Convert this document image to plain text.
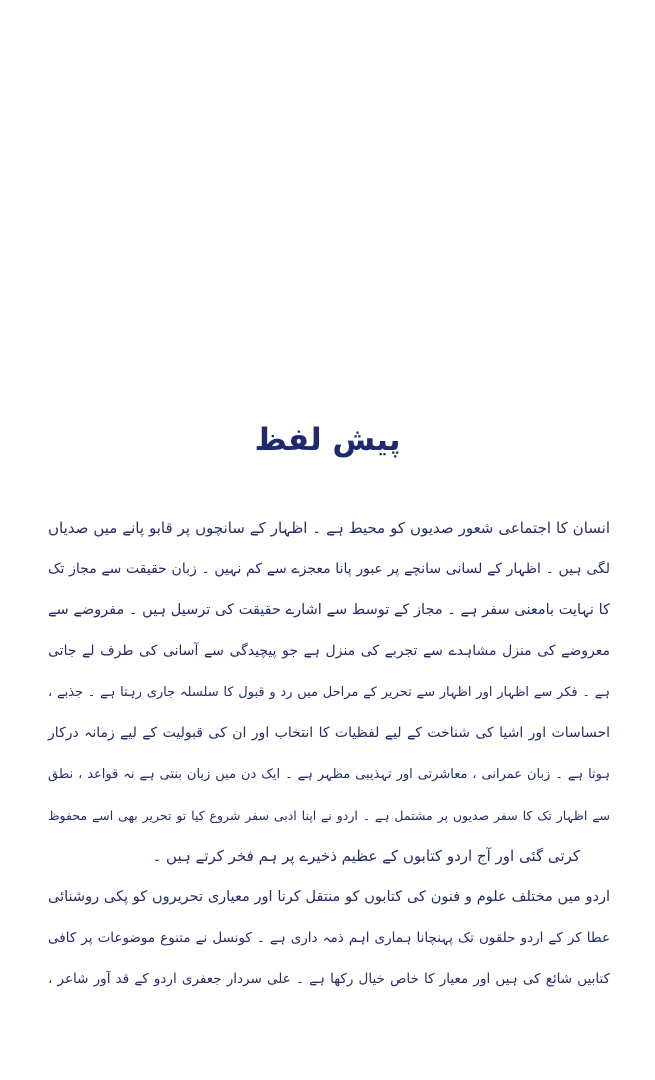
پیش لفظ
انسان کا اجتماعی شعور صدیوں کو محیط ہے ۔ اظہار کے سانچوں پر قابو پانے میں صدیاں
لگی ہیں ۔ اظہار کے لسانی سانچے پر عبور پانا معجزے سے کم نہیں ۔ زبان حقیقت سے مجاز تک
کا نہایت بامعنی سفر ہے ۔ مجاز کے توسط سے اشارے حقیقت کی ترسیل ہیں ۔ مفروضے سے
معروضے کی منزل مشاہدے سے تجربے کی منزل ہے جو پیچیدگی سے آسانی کی طرف لے جاتی
ہے ۔ فکر سے اظہار اور اظہار سے تحریر کے مراحل میں رد و قبول کا سلسلہ جاری رہتا ہے ۔ جذبے ،
احساسات اور اشیا کی شناخت کے لیے لفظیات کا انتخاب اور ان کی قبولیت کے لیے زمانہ درکار
ہوتا ہے ۔ زبان عمرانی ، معاشرتی اور تہذیبی مظہر ہے ۔ ایک دن میں زبان بنتی ہے نہ قواعد ، نطق
سے اظہار تک کا سفر صدیوں پر مشتمل ہے ۔ اردو نے اپنا ادبی سفر شروع کیا تو تحریر بھی اسے محفوظ
کرتی گئی اور آج اردو کتابوں کے عظیم ذخیرے پر ہم فخر کرتے ہیں ۔
اردو میں مختلف علوم و فنون کی کتابوں کو منتقل کرنا اور معیاری تحریروں کو پکی روشنائی
عطا کر کے اردو حلقوں تک پہنچانا ہماری اہم ذمہ داری ہے ۔ کونسل نے متنوع موضوعات پر کافی
کتابیں شائع کی ہیں اور معیار کا خاص خیال رکھا ہے ۔ علی سردار جعفری اردو کے قد آور شاعر ،
